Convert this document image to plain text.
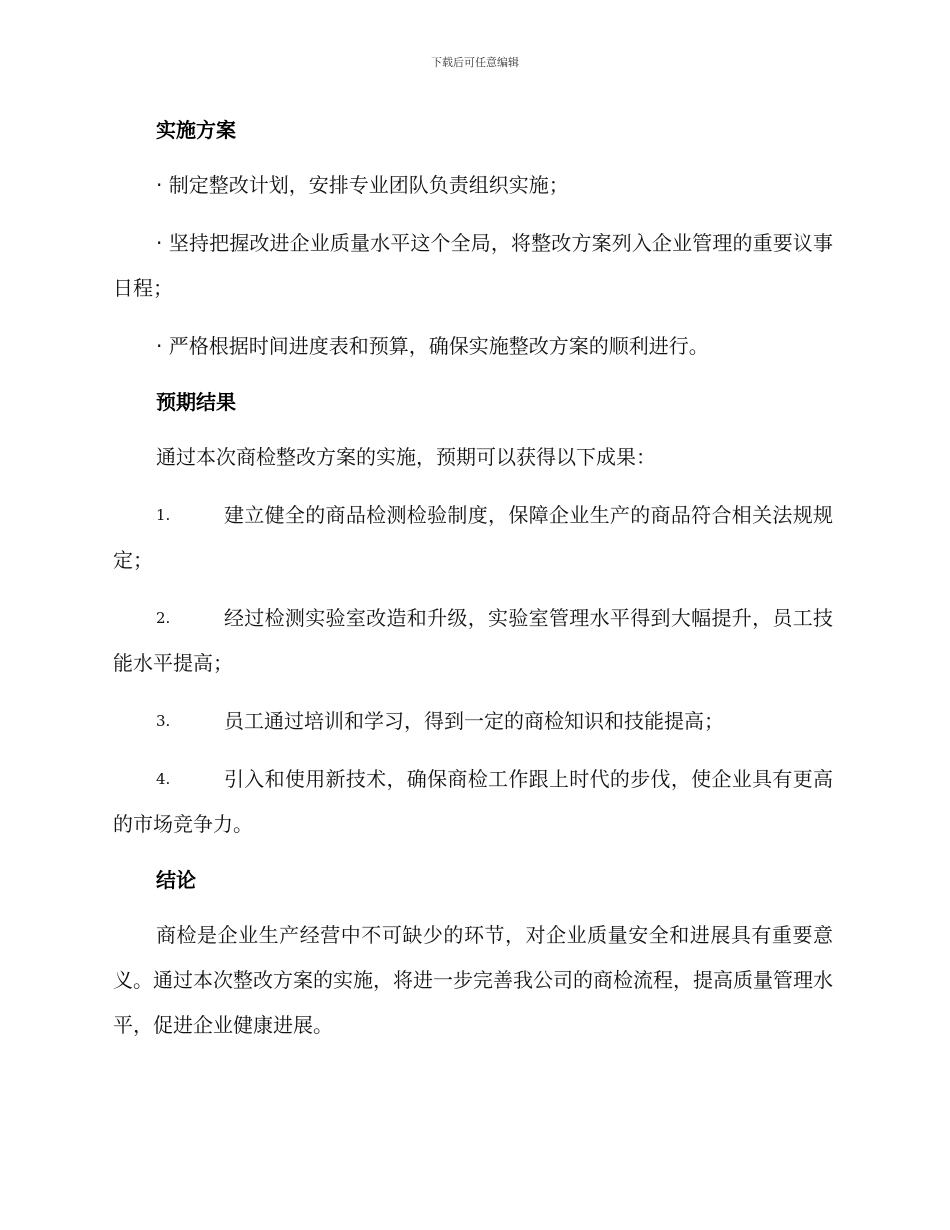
下载后可任意编辑
实施方案

· 制定整改计划，安排专业团队负责组织实施；

· 坚持把握改进企业质量水平这个全局，将整改方案列入企业管理的重要议事日程；

· 严格根据时间进度表和预算，确保实施整改方案的顺利进行。

预期结果

通过本次商检整改方案的实施，预期可以获得以下成果：

1.	建立健全的商品检测检验制度，保障企业生产的商品符合相关法规规定；

2.	经过检测实验室改造和升级，实验室管理水平得到大幅提升，员工技能水平提高；

3.	员工通过培训和学习，得到一定的商检知识和技能提高；

4.	引入和使用新技术，确保商检工作跟上时代的步伐，使企业具有更高的市场竞争力。

结论

商检是企业生产经营中不可缺少的环节，对企业质量安全和进展具有重要意义。通过本次整改方案的实施，将进一步完善我公司的商检流程，提高质量管理水平，促进企业健康进展。
